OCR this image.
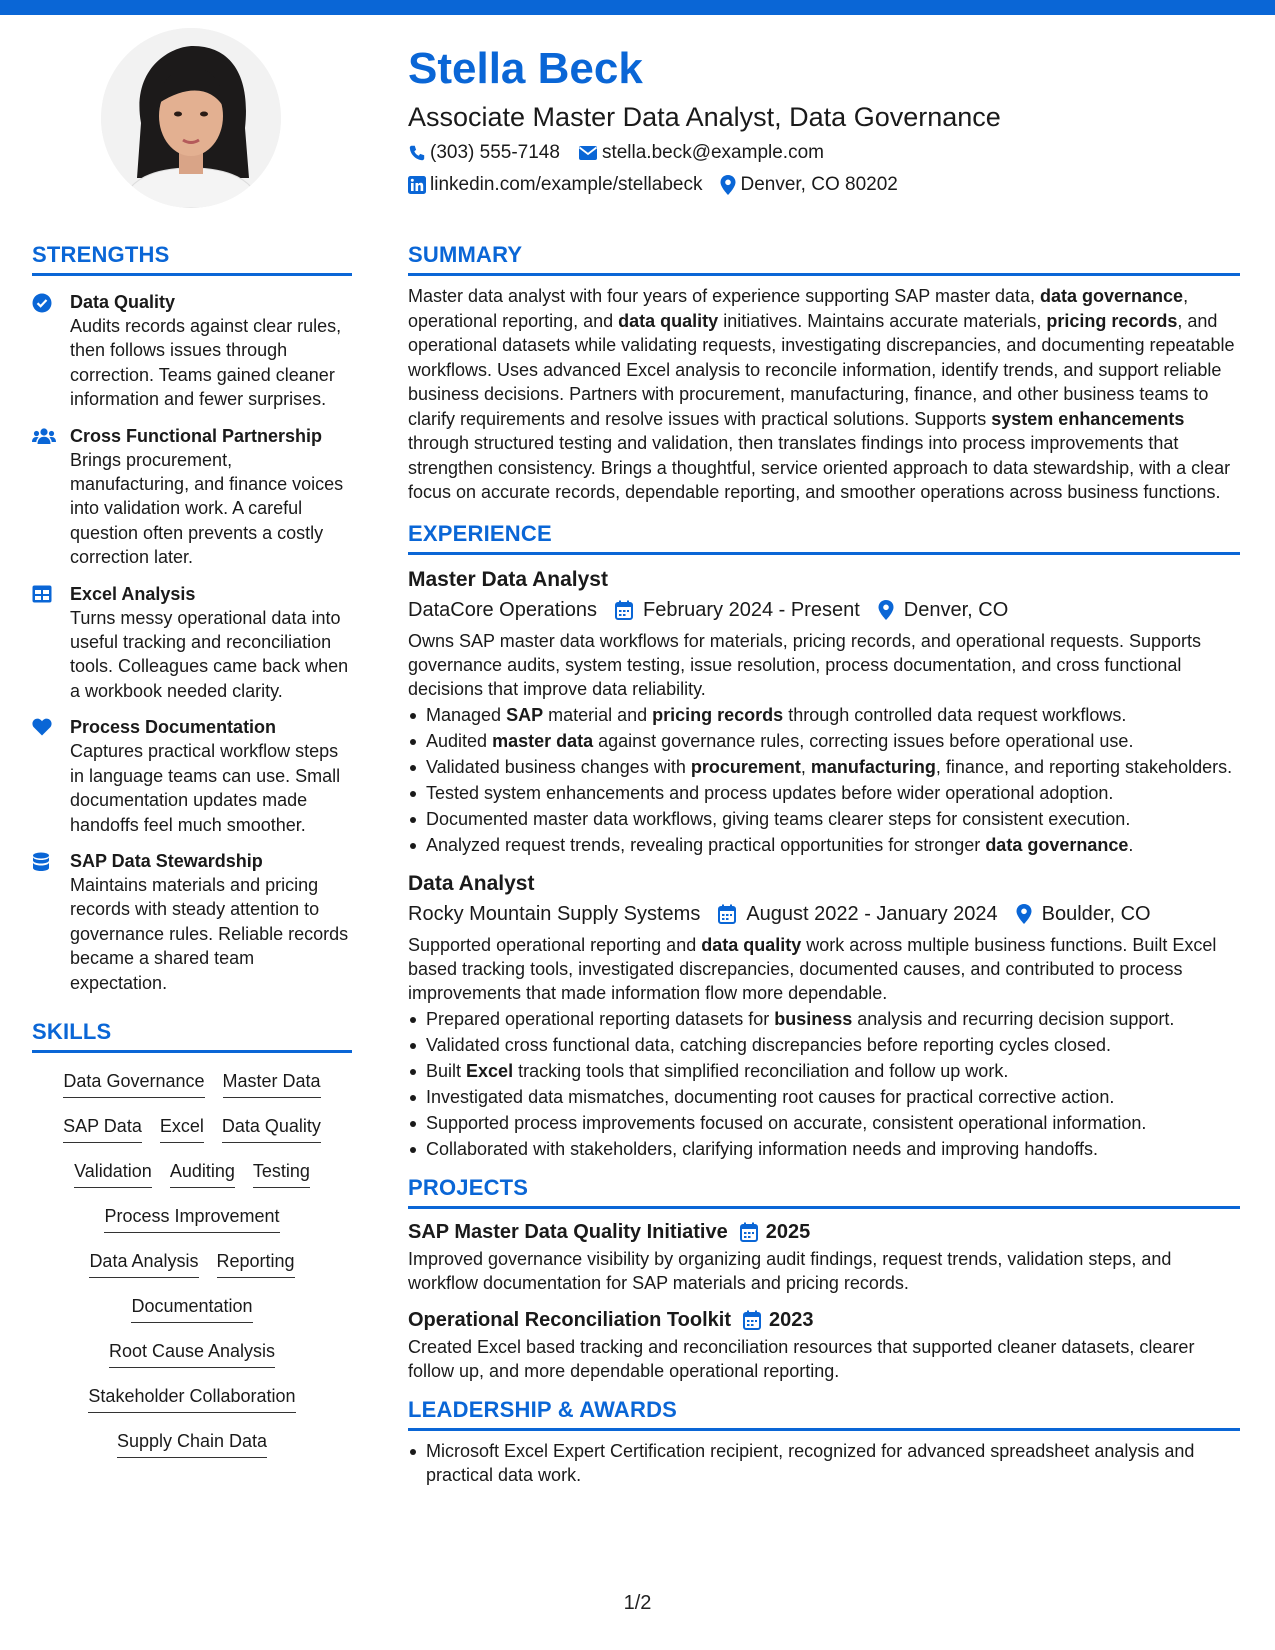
Stella Beck
Associate Master Data Analyst, Data Governance
(303) 555-7148 stella.beck@example.com
linkedin.com/example/stellabeck Denver, CO 80202
STRENGTHS
Data Quality
Audits records against clear rules, then follows issues through correction. Teams gained cleaner information and fewer surprises.
Cross Functional Partnership
Brings procurement, manufacturing, and finance voices into validation work. A careful question often prevents a costly correction later.
Excel Analysis
Turns messy operational data into useful tracking and reconciliation tools. Colleagues came back when a workbook needed clarity.
Process Documentation
Captures practical workflow steps in language teams can use. Small documentation updates made handoffs feel much smoother.
SAP Data Stewardship
Maintains materials and pricing records with steady attention to governance rules. Reliable records became a shared team expectation.
SKILLS
Data Governance Master Data
SAP Data Excel Data Quality
Validation Auditing Testing
Process Improvement
Data Analysis Reporting
Documentation
Root Cause Analysis
Stakeholder Collaboration
Supply Chain Data
SUMMARY
Master data analyst with four years of experience supporting SAP master data, data governance, operational reporting, and data quality initiatives. Maintains accurate materials, pricing records, and operational datasets while validating requests, investigating discrepancies, and documenting repeatable workflows. Uses advanced Excel analysis to reconcile information, identify trends, and support reliable business decisions. Partners with procurement, manufacturing, finance, and other business teams to clarify requirements and resolve issues with practical solutions. Supports system enhancements through structured testing and validation, then translates findings into process improvements that strengthen consistency. Brings a thoughtful, service oriented approach to data stewardship, with a clear focus on accurate records, dependable reporting, and smoother operations across business functions.
EXPERIENCE
Master Data Analyst
DataCore Operations February 2024 - Present Denver, CO
Owns SAP master data workflows for materials, pricing records, and operational requests. Supports governance audits, system testing, issue resolution, process documentation, and cross functional decisions that improve data reliability.
Managed SAP material and pricing records through controlled data request workflows.
Audited master data against governance rules, correcting issues before operational use.
Validated business changes with procurement, manufacturing, finance, and reporting stakeholders.
Tested system enhancements and process updates before wider operational adoption.
Documented master data workflows, giving teams clearer steps for consistent execution.
Analyzed request trends, revealing practical opportunities for stronger data governance.
Data Analyst
Rocky Mountain Supply Systems August 2022 - January 2024 Boulder, CO
Supported operational reporting and data quality work across multiple business functions. Built Excel based tracking tools, investigated discrepancies, documented causes, and contributed to process improvements that made information flow more dependable.
Prepared operational reporting datasets for business analysis and recurring decision support.
Validated cross functional data, catching discrepancies before reporting cycles closed.
Built Excel tracking tools that simplified reconciliation and follow up work.
Investigated data mismatches, documenting root causes for practical corrective action.
Supported process improvements focused on accurate, consistent operational information.
Collaborated with stakeholders, clarifying information needs and improving handoffs.
PROJECTS
SAP Master Data Quality Initiative 2025
Improved governance visibility by organizing audit findings, request trends, validation steps, and workflow documentation for SAP materials and pricing records.
Operational Reconciliation Toolkit 2023
Created Excel based tracking and reconciliation resources that supported cleaner datasets, clearer follow up, and more dependable operational reporting.
LEADERSHIP & AWARDS
Microsoft Excel Expert Certification recipient, recognized for advanced spreadsheet analysis and practical data work.
1/2
